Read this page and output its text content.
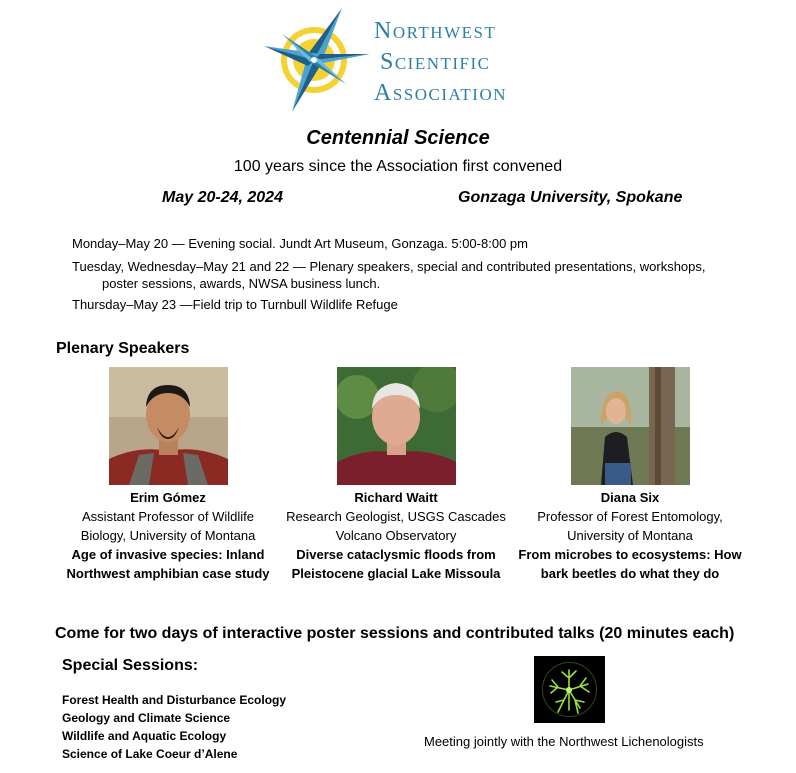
Northwest
Scientific
Association
Centennial Science
100 years since the Association first convened
May 20-24, 2024	Gonzaga University, Spokane
Monday–May 20 — Evening social. Jundt Art Museum, Gonzaga. 5:00-8:00 pm
Tuesday, Wednesday–May 21 and 22 — Plenary speakers, special and contributed presentations, workshops,
poster sessions, awards, NWSA business lunch.
Thursday–May 23 —Field trip to Turnbull Wildlife Refuge
Plenary Speakers
Erim Gómez
Assistant Professor of Wildlife
Biology, University of Montana
Age of invasive species: Inland
Northwest amphibian case study
Richard Waitt
Research Geologist, USGS Cascades
Volcano Observatory
Diverse cataclysmic floods from
Pleistocene glacial Lake Missoula
Diana Six
Professor of Forest Entomology,
University of Montana
From microbes to ecosystems: How
bark beetles do what they do
Come for two days of interactive poster sessions and contributed talks (20 minutes each)
Special Sessions:
Forest Health and Disturbance Ecology
Geology and Climate Science
Wildlife and Aquatic Ecology
Science of Lake Coeur d’Alene
Meeting jointly with the Northwest Lichenologists
